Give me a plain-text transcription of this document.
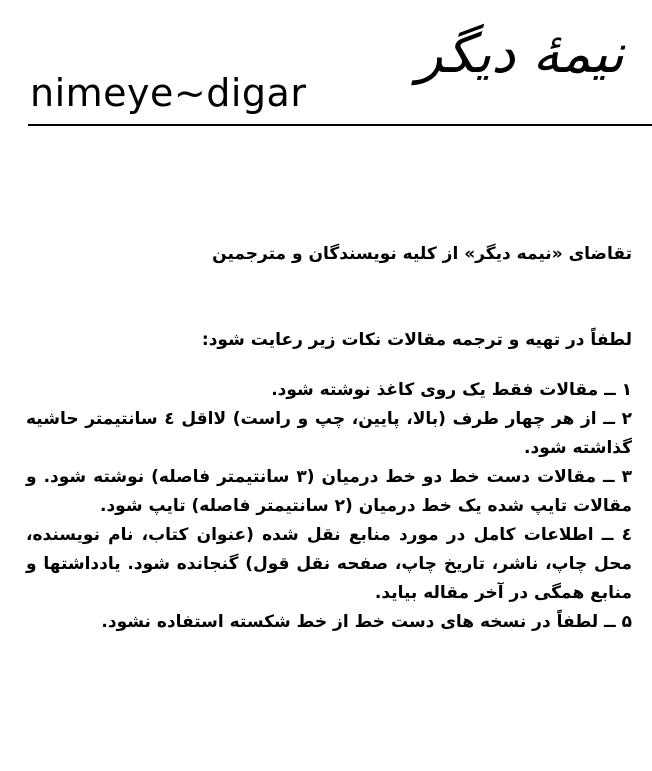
نیمهٔ دیگر
nimeye~digar

تقاضای «نیمه دیگر» از کلیه نویسندگان و مترجمین

لطفاً در تهیه و ترجمه مقالات نکات زیر رعایت شود:

۱ ــ مقالات فقط یک روی کاغذ نوشته شود.
۲ ــ از هر چهار طرف (بالا، پایین، چپ و راست) لااقل ٤ سانتیمتر حاشیه گذاشته شود.
۳ ــ مقالات دست خط دو خط درمیان (۳ سانتیمتر فاصله) نوشته شود. و مقالات تایپ شده یک خط درمیان (۲ سانتیمتر فاصله) تایپ شود.
٤ ــ اطلاعات کامل در مورد منابع نقل شده (عنوان کتاب، نام نویسنده، محل چاپ، ناشر، تاریخ چاپ، صفحه نقل قول) گنجانده شود. یادداشتها و منابع همگی در آخر مقاله بیاید.
۵ ــ لطفاً در نسخه های دست خط از خط شکسته استفاده نشود.
